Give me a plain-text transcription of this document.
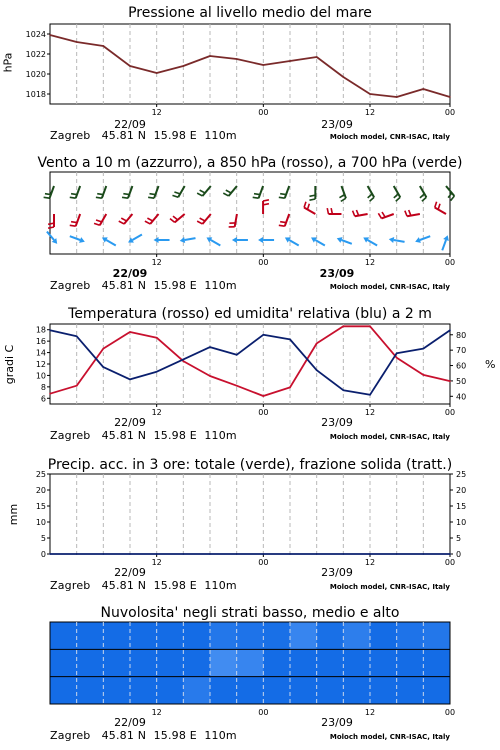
Pressione al livello medio del mare
hPa
12	00	12	00
1018
1020
1022
1024
22/09	23/09
Zagreb   45.81 N  15.98 E  110m	Moloch model, CNR-ISAC, Italy
Vento a 10 m (azzurro), a 850 hPa (rosso), a 700 hPa (verde)
12	00	12	00
22/09	23/09
Zagreb   45.81 N  15.98 E  110m	Moloch model, CNR-ISAC, Italy
Temperatura (rosso) ed umidita' relativa (blu) a 2 m
gradi C	%
12	00	12	00
6
8
10
12
14
16
18
40
50
60
70
80
22/09	23/09
Zagreb   45.81 N  15.98 E  110m	Moloch model, CNR-ISAC, Italy
Precip. acc. in 3 ore: totale (verde), frazione solida (tratt.)
mm
12	00	12	00
0
5
10
15
20
25
0
5
10
15
20
25
22/09	23/09
Zagreb   45.81 N  15.98 E  110m	Moloch model, CNR-ISAC, Italy
Nuvolosita' negli strati basso, medio e alto
12	00	12	00
22/09	23/09
Zagreb   45.81 N  15.98 E  110m	Moloch model, CNR-ISAC, Italy
